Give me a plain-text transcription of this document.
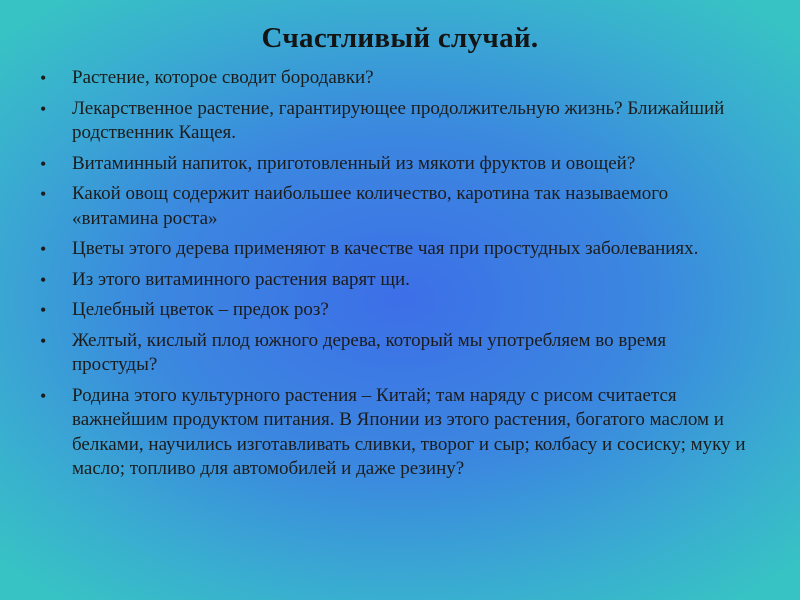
Счастливый случай.
• Растение, которое сводит бородавки?
• Лекарственное растение, гарантирующее продолжительную жизнь? Ближайший родственник Кащея.
• Витаминный напиток, приготовленный из мякоти фруктов и овощей?
• Какой овощ содержит наибольшее количество, каротина так называемого «витамина роста»
• Цветы этого дерева применяют в качестве чая при простудных заболеваниях.
• Из этого витаминного растения варят щи.
• Целебный цветок – предок роз?
• Желтый, кислый плод южного дерева, который мы употребляем во время простуды?
• Родина этого культурного растения – Китай; там наряду с рисом считается важнейшим продуктом питания. В Японии из этого растения, богатого маслом и белками, научились изготавливать сливки, творог и сыр; колбасу и сосиску; муку и масло; топливо для автомобилей и даже резину?
